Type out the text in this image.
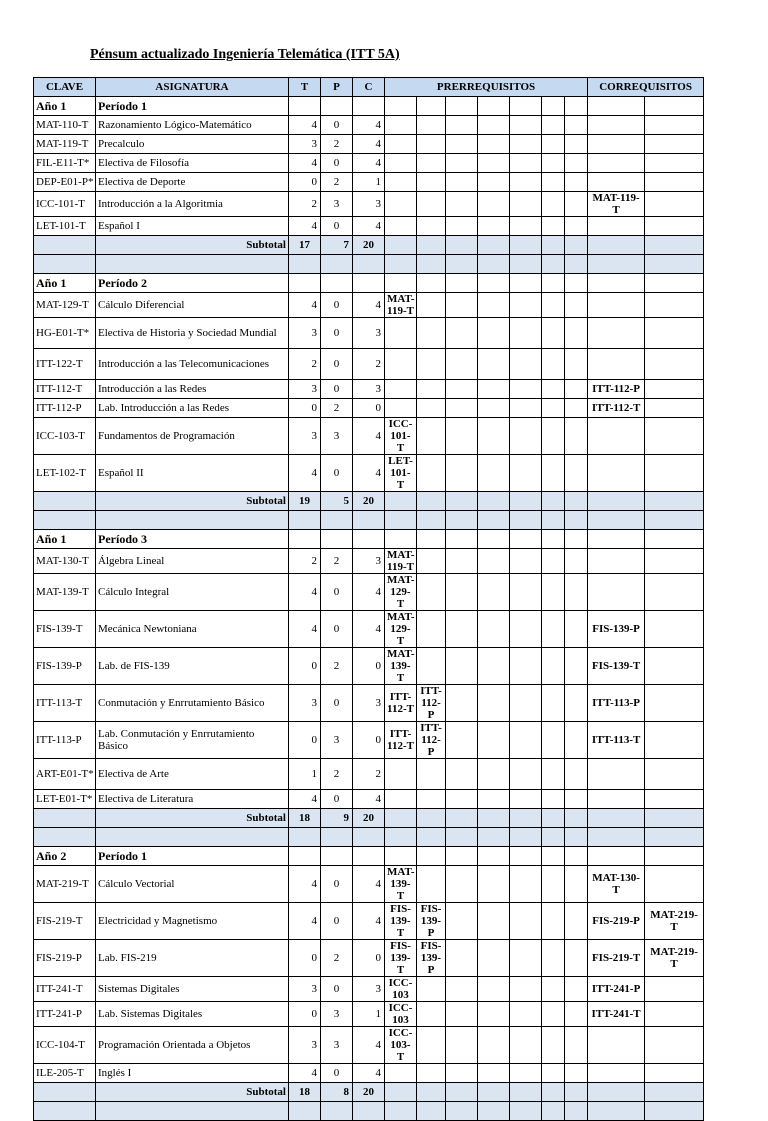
Pénsum actualizado Ingeniería Telemática (ITT 5A)
CLAVE	ASIGNATURA	T	P	C	PRERREQUISITOS							CORREQUISITOS	
Año 1	Período 1												
MAT-110-T	Razonamiento Lógico-Matemático	4	0	4									
MAT-119-T	Precalculo	3	2	4									
FIL-E11-T*	Electiva de Filosofía	4	0	4									
DEP-E01-P*	Electiva de Deporte	0	2	1									
ICC-101-T	Introducción a la Algoritmia	2	3	3								MAT-119-T	
LET-101-T	Español I	4	0	4									
	Subtotal	17	7	20									

Año 1	Período 2												
MAT-129-T	Cálculo Diferencial	4	0	4	MAT-119-T								
HG-E01-T*	Electiva de Historia y Sociedad Mundial	3	0	3									
ITT-122-T	Introducción a las Telecomunicaciones	2	0	2									
ITT-112-T	Introducción a las Redes	3	0	3								ITT-112-P	
ITT-112-P	Lab. Introducción a las Redes	0	2	0								ITT-112-T	
ICC-103-T	Fundamentos de Programación	3	3	4	ICC-101-T								
LET-102-T	Español II	4	0	4	LET-101-T								
	Subtotal	19	5	20									

Año 1	Período 3												
MAT-130-T	Álgebra Lineal	2	2	3	MAT-119-T								
MAT-139-T	Cálculo Integral	4	0	4	MAT-129-T								
FIS-139-T	Mecánica Newtoniana	4	0	4	MAT-129-T							FIS-139-P	
FIS-139-P	Lab. de FIS-139	0	2	0	MAT-139-T							FIS-139-T	
ITT-113-T	Conmutación y Enrrutamiento Básico	3	0	3	ITT-112-T	ITT-112-P						ITT-113-P	
ITT-113-P	Lab. Conmutación y Enrrutamiento Básico	0	3	0	ITT-112-T	ITT-112-P						ITT-113-T	
ART-E01-T*	Electiva de Arte	1	2	2									
LET-E01-T*	Electiva de Literatura	4	0	4									
	Subtotal	18	9	20									

Año 2	Período 1												
MAT-219-T	Cálculo Vectorial	4	0	4	MAT-139-T							MAT-130-T	
FIS-219-T	Electricidad y Magnetismo	4	0	4	FIS-139-T	FIS-139-P						FIS-219-P	MAT-219-T
FIS-219-P	Lab. FIS-219	0	2	0	FIS-139-T	FIS-139-P						FIS-219-T	MAT-219-T
ITT-241-T	Sistemas Digitales	3	0	3	ICC-103							ITT-241-P	
ITT-241-P	Lab. Sistemas Digitales	0	3	1	ICC-103							ITT-241-T	
ICC-104-T	Programación Orientada a Objetos	3	3	4	ICC-103-T								
ILE-205-T	Inglés I	4	0	4									
	Subtotal	18	8	20									
